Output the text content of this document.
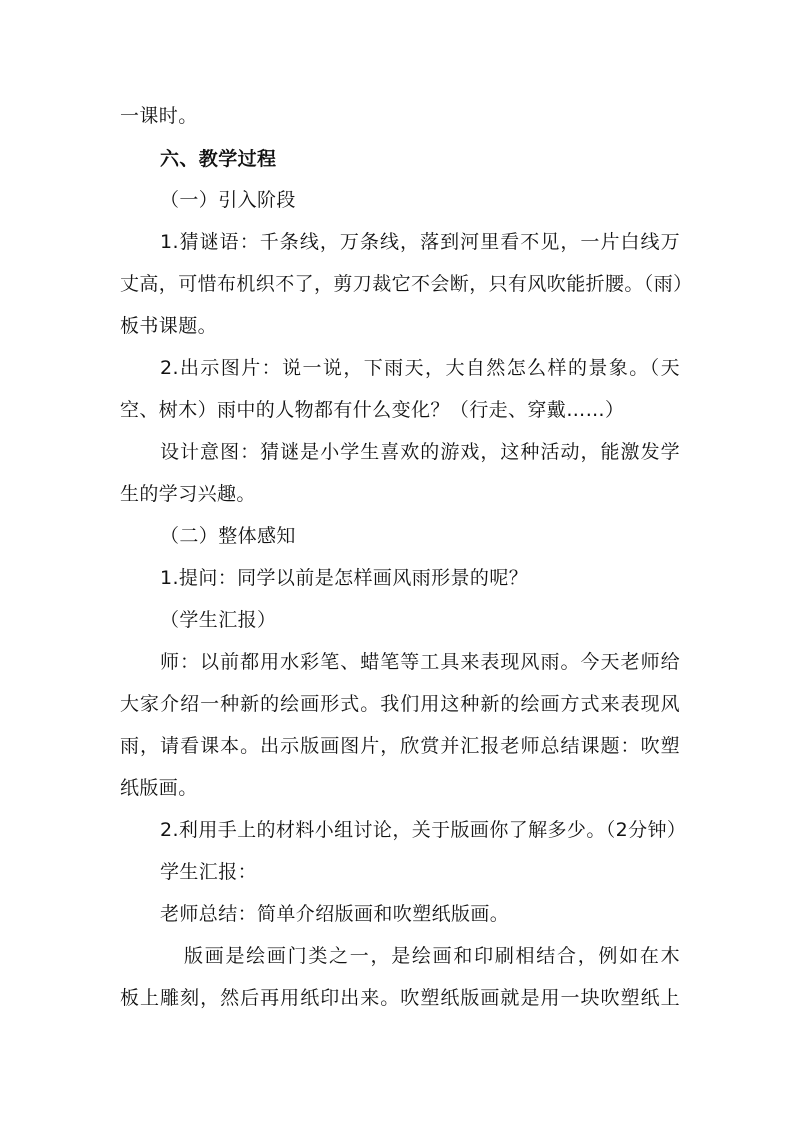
一课时。
六、教学过程
（一）引入阶段
1.猜谜语：千条线，万条线，落到河里看不见，一片白线万
丈高，可惜布机织不了，剪刀裁它不会断，只有风吹能折腰。（雨）
板书课题。
2.出示图片：说一说，下雨天，大自然怎么样的景象。（天
空、树木）雨中的人物都有什么变化？（行走、穿戴……）
设计意图：猜谜是小学生喜欢的游戏，这种活动，能激发学
生的学习兴趣。
（二）整体感知
1.提问：同学以前是怎样画风雨形景的呢？
（学生汇报）
师：以前都用水彩笔、蜡笔等工具来表现风雨。今天老师给
大家介绍一种新的绘画形式。我们用这种新的绘画方式来表现风
雨，请看课本。出示版画图片，欣赏并汇报老师总结课题：吹塑
纸版画。
2.利用手上的材料小组讨论，关于版画你了解多少。（2分钟）
学生汇报：
老师总结：简单介绍版画和吹塑纸版画。
版画是绘画门类之一，是绘画和印刷相结合，例如在木
板上雕刻，然后再用纸印出来。吹塑纸版画就是用一块吹塑纸上
